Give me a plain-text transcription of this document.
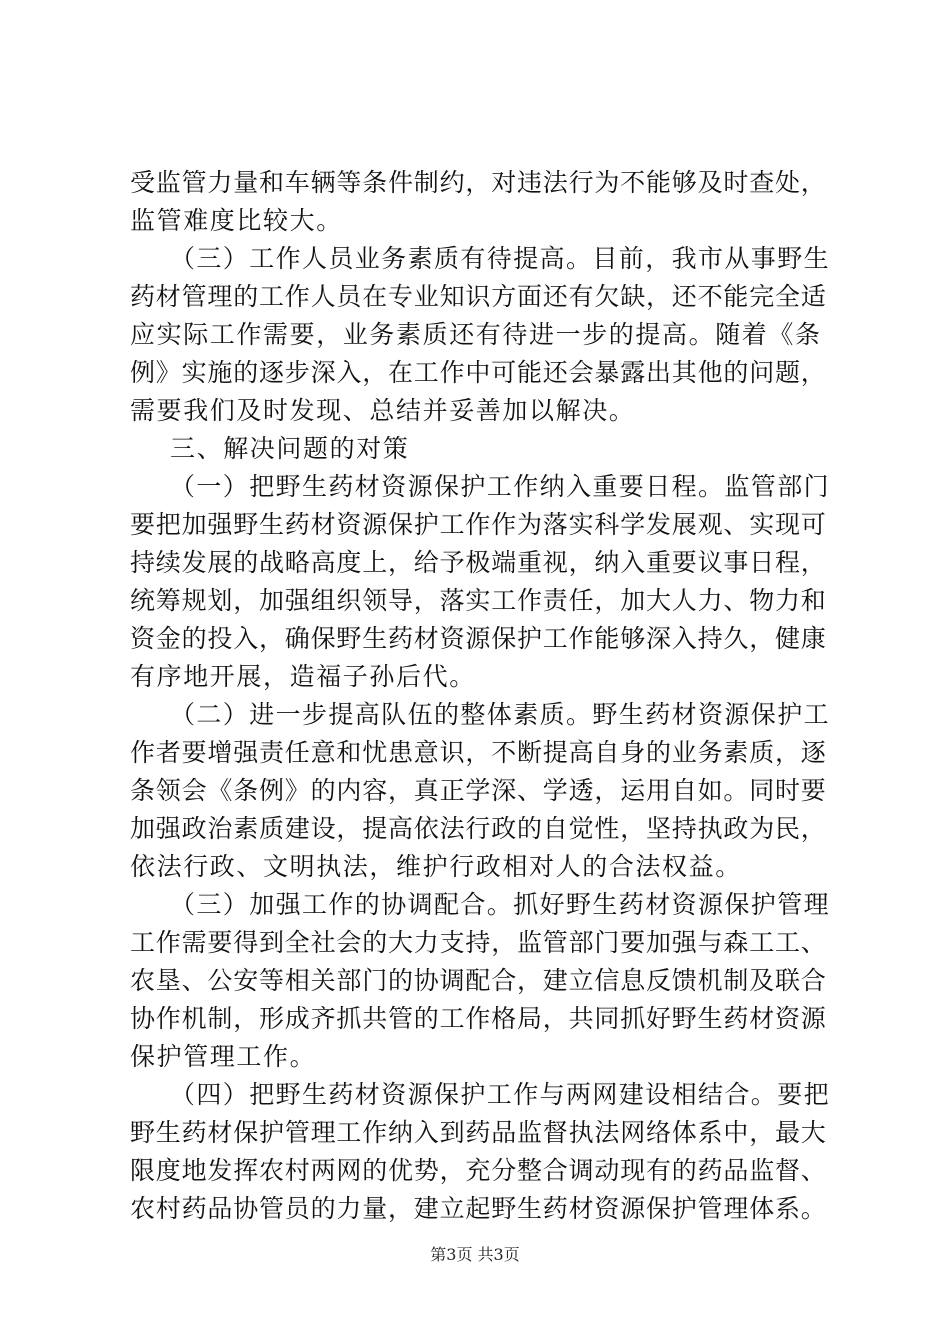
受监管力量和车辆等条件制约，对违法行为不能够及时查处，
监管难度比较大。
（三）工作人员业务素质有待提高。目前，我市从事野生
药材管理的工作人员在专业知识方面还有欠缺，还不能完全适
应实际工作需要，业务素质还有待进一步的提高。随着《条
例》实施的逐步深入，在工作中可能还会暴露出其他的问题，
需要我们及时发现、总结并妥善加以解决。
三、解决问题的对策
（一）把野生药材资源保护工作纳入重要日程。监管部门
要把加强野生药材资源保护工作作为落实科学发展观、实现可
持续发展的战略高度上，给予极端重视，纳入重要议事日程，
统筹规划，加强组织领导，落实工作责任，加大人力、物力和
资金的投入，确保野生药材资源保护工作能够深入持久，健康
有序地开展，造福子孙后代。
（二）进一步提高队伍的整体素质。野生药材资源保护工
作者要增强责任意和忧患意识，不断提高自身的业务素质，逐
条领会《条例》的内容，真正学深、学透，运用自如。同时要
加强政治素质建设，提高依法行政的自觉性，坚持执政为民，
依法行政、文明执法，维护行政相对人的合法权益。
（三）加强工作的协调配合。抓好野生药材资源保护管理
工作需要得到全社会的大力支持，监管部门要加强与森工工、
农垦、公安等相关部门的协调配合，建立信息反馈机制及联合
协作机制，形成齐抓共管的工作格局，共同抓好野生药材资源
保护管理工作。
（四）把野生药材资源保护工作与两网建设相结合。要把
野生药材保护管理工作纳入到药品监督执法网络体系中，最大
限度地发挥农村两网的优势，充分整合调动现有的药品监督、
农村药品协管员的力量，建立起野生药材资源保护管理体系。
第3页 共3页
